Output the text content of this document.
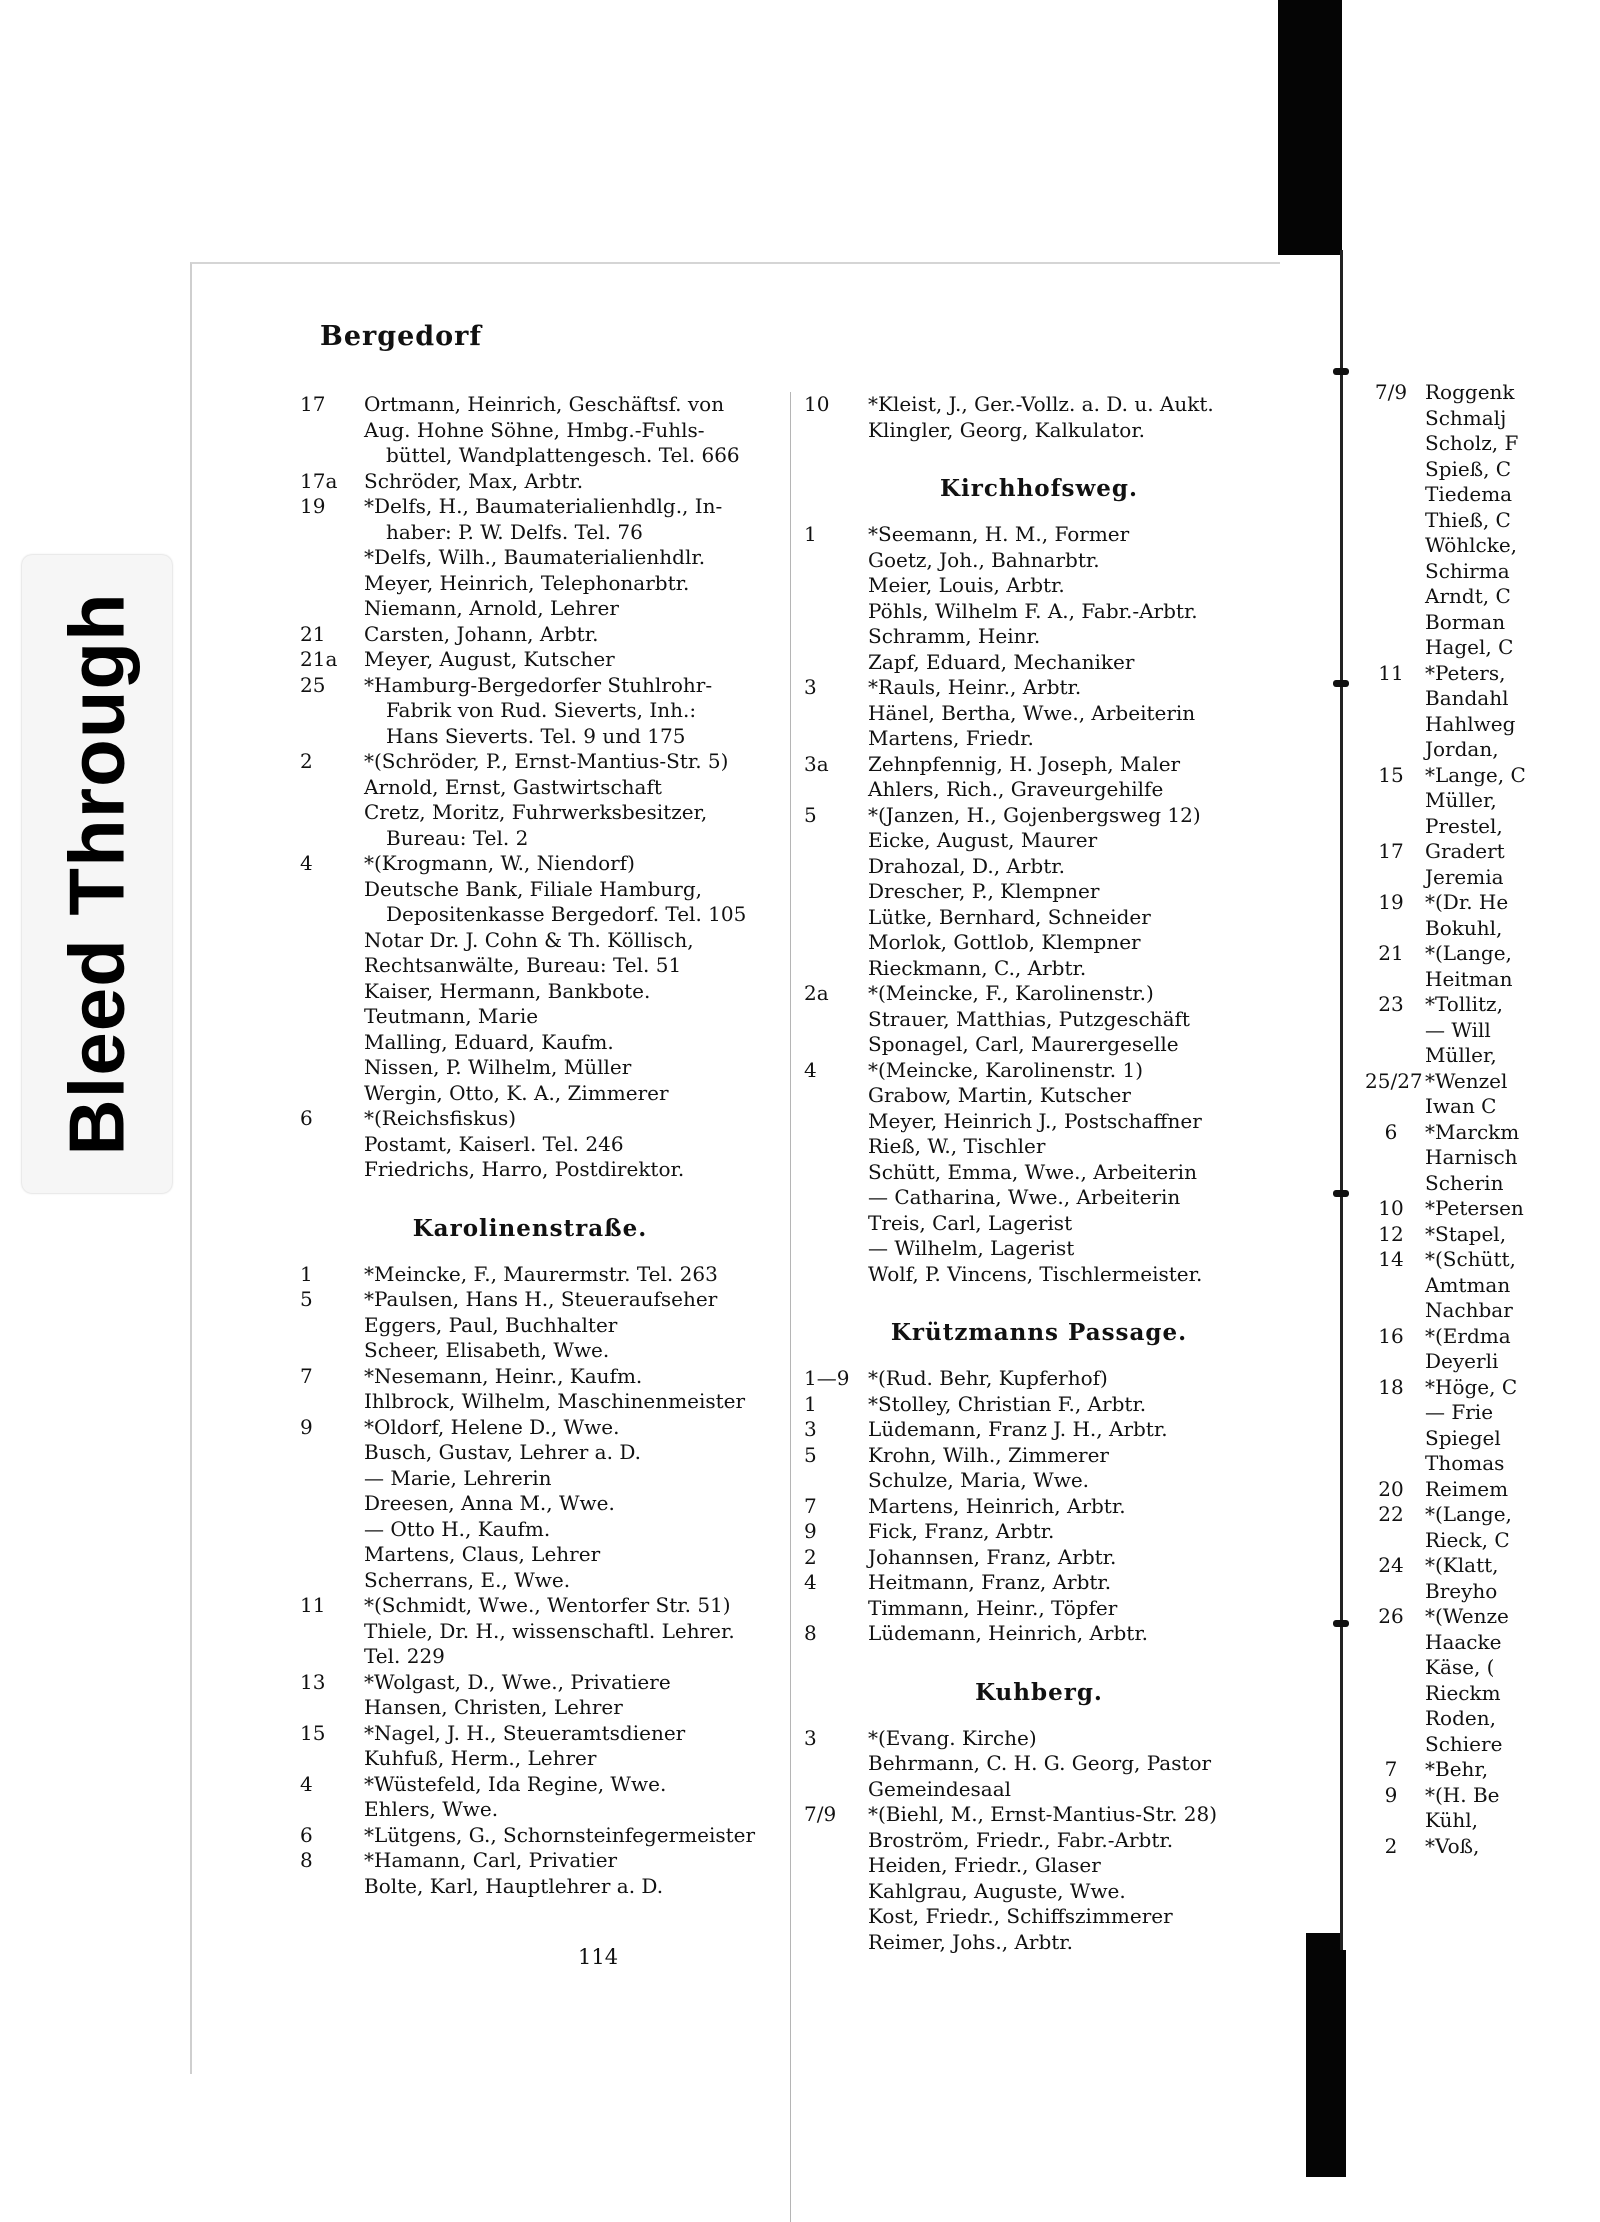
Bleed Through
Bergedorf
17	Ortmann, Heinrich, Geschäftsf. von
Aug. Hohne Söhne, Hmbg.-Fuhls-
büttel, Wandplattengesch. Tel. 666
17a	Schröder, Max, Arbtr.
19	*Delfs, H., Baumaterialienhdlg., In-
haber: P. W. Delfs. Tel. 76
*Delfs, Wilh., Baumaterialienhdlr.
Meyer, Heinrich, Telephonarbtr.
Niemann, Arnold, Lehrer
21	Carsten, Johann, Arbtr.
21a	Meyer, August, Kutscher
25	*Hamburg-Bergedorfer Stuhlrohr-
Fabrik von Rud. Sieverts, Inh.:
Hans Sieverts. Tel. 9 und 175
2	*(Schröder, P., Ernst-Mantius-Str. 5)
Arnold, Ernst, Gastwirtschaft
Cretz, Moritz, Fuhrwerksbesitzer,
Bureau: Tel. 2
4	*(Krogmann, W., Niendorf)
Deutsche Bank, Filiale Hamburg,
Depositenkasse Bergedorf. Tel. 105
Notar Dr. J. Cohn & Th. Köllisch,
Rechtsanwälte, Bureau: Tel. 51
Kaiser, Hermann, Bankbote.
Teutmann, Marie
Malling, Eduard, Kaufm.
Nissen, P. Wilhelm, Müller
Wergin, Otto, K. A., Zimmerer
6	*(Reichsfiskus)
Postamt, Kaiserl. Tel. 246
Friedrichs, Harro, Postdirektor.
Karolinenstraße.
1	*Meincke, F., Maurermstr. Tel. 263
5	*Paulsen, Hans H., Steueraufseher
Eggers, Paul, Buchhalter
Scheer, Elisabeth, Wwe.
7	*Nesemann, Heinr., Kaufm.
Ihlbrock, Wilhelm, Maschinenmeister
9	*Oldorf, Helene D., Wwe.
Busch, Gustav, Lehrer a. D.
— Marie, Lehrerin
Dreesen, Anna M., Wwe.
— Otto H., Kaufm.
Martens, Claus, Lehrer
Scherrans, E., Wwe.
11	*(Schmidt, Wwe., Wentorfer Str. 51)
Thiele, Dr. H., wissenschaftl. Lehrer.
Tel. 229
13	*Wolgast, D., Wwe., Privatiere
Hansen, Christen, Lehrer
15	*Nagel, J. H., Steueramtsdiener
Kuhfuß, Herm., Lehrer
4	*Wüstefeld, Ida Regine, Wwe.
Ehlers, Wwe.
6	*Lütgens, G., Schornsteinfegermeister
8	*Hamann, Carl, Privatier
Bolte, Karl, Hauptlehrer a. D.
10	*Kleist, J., Ger.-Vollz. a. D. u. Aukt.
Klingler, Georg, Kalkulator.
Kirchhofsweg.
1	*Seemann, H. M., Former
Goetz, Joh., Bahnarbtr.
Meier, Louis, Arbtr.
Pöhls, Wilhelm F. A., Fabr.-Arbtr.
Schramm, Heinr.
Zapf, Eduard, Mechaniker
3	*Rauls, Heinr., Arbtr.
Hänel, Bertha, Wwe., Arbeiterin
Martens, Friedr.
3a	Zehnpfennig, H. Joseph, Maler
Ahlers, Rich., Graveurgehilfe
5	*(Janzen, H., Gojenbergsweg 12)
Eicke, August, Maurer
Drahozal, D., Arbtr.
Drescher, P., Klempner
Lütke, Bernhard, Schneider
Morlok, Gottlob, Klempner
Rieckmann, C., Arbtr.
2a	*(Meincke, F., Karolinenstr.)
Strauer, Matthias, Putzgeschäft
Sponagel, Carl, Maurergeselle
4	*(Meincke, Karolinenstr. 1)
Grabow, Martin, Kutscher
Meyer, Heinrich J., Postschaffner
Rieß, W., Tischler
Schütt, Emma, Wwe., Arbeiterin
— Catharina, Wwe., Arbeiterin
Treis, Carl, Lagerist
— Wilhelm, Lagerist
Wolf, P. Vincens, Tischlermeister.
Krützmanns Passage.
1—9 *(Rud. Behr, Kupferhof)
1	*Stolley, Christian F., Arbtr.
3	Lüdemann, Franz J. H., Arbtr.
5	Krohn, Wilh., Zimmerer
Schulze, Maria, Wwe.
7	Martens, Heinrich, Arbtr.
9	Fick, Franz, Arbtr.
2	Johannsen, Franz, Arbtr.
4	Heitmann, Franz, Arbtr.
Timmann, Heinr., Töpfer
8	Lüdemann, Heinrich, Arbtr.
Kuhberg.
3	*(Evang. Kirche)
Behrmann, C. H. G. Georg, Pastor
Gemeindesaal
7/9	*(Biehl, M., Ernst-Mantius-Str. 28)
Broström, Friedr., Fabr.-Arbtr.
Heiden, Friedr., Glaser
Kahlgrau, Auguste, Wwe.
Kost, Friedr., Schiffszimmerer
Reimer, Johs., Arbtr.
114
7/9 Roggenk
Schmalj
Scholz, F
Spieß, C
Tiedema
Thieß, C
Wöhlcke,
Schirma
Arndt, C
Borman
Hagel, C
11	*Peters,
Bandahl
Hahlweg
Jordan,
15	*Lange, C
Müller,
Prestel,
17	Gradert
Jeremia
19	*(Dr. He
Bokuhl,
21	*(Lange,
Heitman
23	*Tollitz,
— Will
Müller,
25/27 *Wenzel
Iwan C
6	*Marckm
Harnisch
Scherin
10	*Petersen
12	*Stapel,
14	*(Schütt,
Amtman
Nachbar
16	*(Erdma
Deyerli
18	*Höge, C
— Frie
Spiegel
Thomas
20	Reimem
22	*(Lange,
Rieck, C
24	*(Klatt,
Breyho
26	*(Wenze
Haacke
Käse, (
Rieckm
Roden,
Schiere
7	*Behr,
9	*(H. Be
Kühl,
2	*Voß,
